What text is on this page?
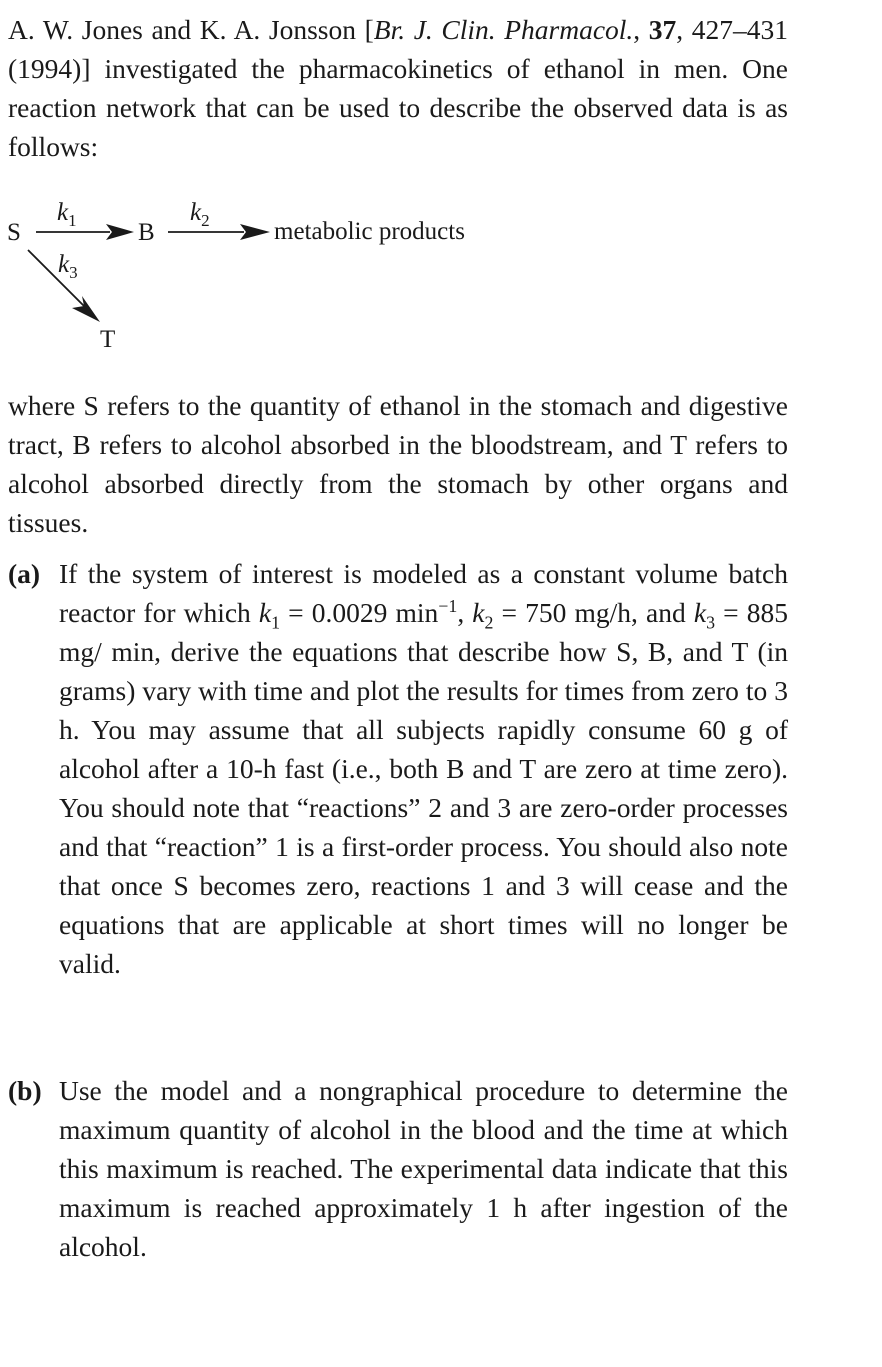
A. W. Jones and K. A. Jonsson [Br. J. Clin. Pharmacol., 37, 427–431 (1994)] investigated the pharmacokinetics of ethanol in men. One reaction network that can be used to describe the observed data is as follows:

S
$k_1$ B
$k_2$	metabolic products
$k_3$
T

where S refers to the quantity of ethanol in the stomach and digestive tract, B refers to alcohol absorbed in the bloodstream, and T refers to alcohol absorbed directly from the stomach by other organs and tissues.

(a) If the system of interest is modeled as a constant volume batch reactor for which $k_1 = 0.0029$ $\min^{-1}$, $k_2 = 750$ mg/h, and $k_3 = 885$ mg/ min, derive the equations that describe how S, B, and T (in grams) vary with time and plot the results for times from zero to 3 h. You may assume that all subjects rapidly consume 60 g of alcohol after a 10-h fast (i.e., both B and T are zero at time zero). You should note that “reactions” 2 and 3 are zero-order processes and that “reaction” 1 is a first-order process. You should also note that once S becomes zero, reactions 1 and 3 will cease and the equations that are applicable at short times will no longer be valid.

(b) Use the model and a nongraphical procedure to determine the maximum quantity of alcohol in the blood and the time at which this maximum is reached. The experimental data indicate that this maximum is reached approximately 1 h after ingestion of the alcohol.
